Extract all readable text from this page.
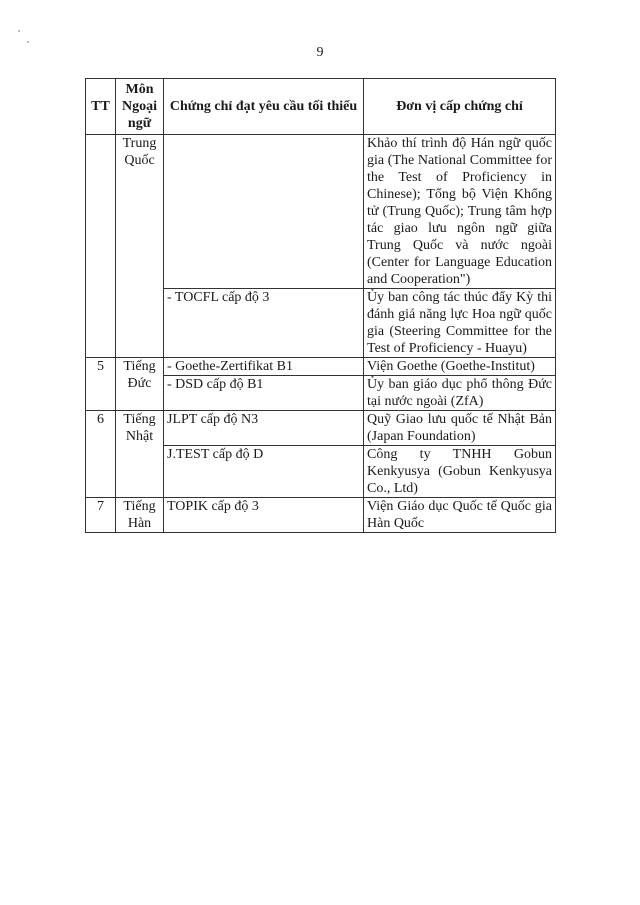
9
TT	Môn Ngoại ngữ	Chứng chỉ đạt yêu cầu tối thiểu	Đơn vị cấp chứng chỉ
	Trung Quốc		Khảo thí trình độ Hán ngữ quốc gia (The National Committee for the Test of Proficiency in Chinese); Tổng bộ Viện Khổng tử (Trung Quốc); Trung tâm hợp tác giao lưu ngôn ngữ giữa Trung Quốc và nước ngoài (Center for Language Education and Cooperation")
		- TOCFL cấp độ 3	Ủy ban công tác thúc đẩy Kỳ thi đánh giá năng lực Hoa ngữ quốc gia (Steering Committee for the Test of Proficiency - Huayu)
5	Tiếng Đức	- Goethe-Zertifikat B1	Viện Goethe (Goethe-Institut)
		- DSD cấp độ B1	Ủy ban giáo dục phổ thông Đức tại nước ngoài (ZfA)
6	Tiếng Nhật	JLPT cấp độ N3	Quỹ Giao lưu quốc tế Nhật Bản (Japan Foundation)
		J.TEST cấp độ D	Công ty TNHH Gobun Kenkyusya (Gobun Kenkyusya Co., Ltd)
7	Tiếng Hàn	TOPIK cấp độ 3	Viện Giáo dục Quốc tế Quốc gia Hàn Quốc
